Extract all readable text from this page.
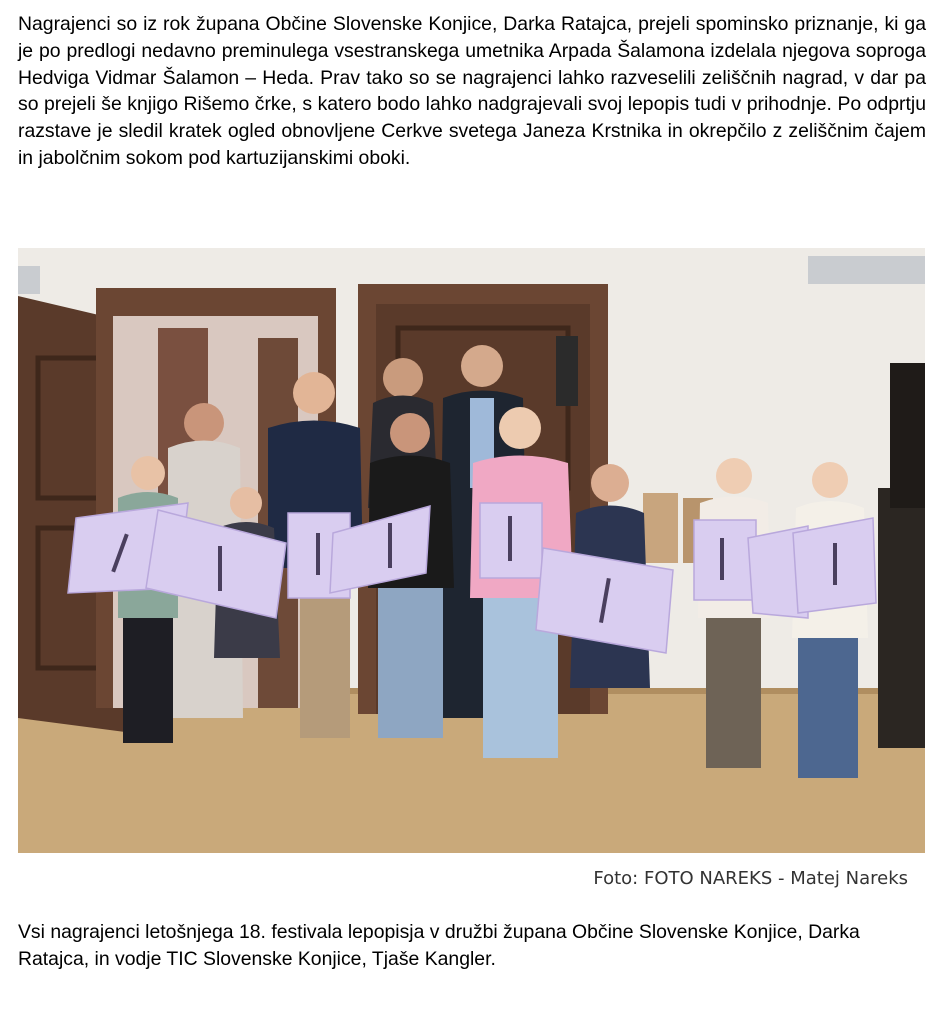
Nagrajenci so iz rok župana Občine Slovenske Konjice, Darka Ratajca, prejeli spominsko priznanje, ki ga je po predlogi nedavno preminulega vsestranskega umetnika Arpada Šalamona izdelala njegova soproga Hedviga Vidmar Šalamon – Heda. Prav tako so se nagrajenci lahko razveselili zeliščnih nagrad, v dar pa so prejeli še knjigo Rišemo črke, s katero bodo lahko nadgrajevali svoj lepopis tudi v prihodnje. Po odprtju razstave je sledil kratek ogled obnovljene Cerkve svetega Janeza Krstnika in okrepčilo z zeliščnim čajem in jabolčnim sokom pod kartuzijanskimi oboki.
Foto: FOTO NAREKS - Matej Nareks
Vsi nagrajenci letošnjega 18. festivala lepopisja v družbi župana Občine Slovenske Konjice, Darka Ratajca, in vodje TIC Slovenske Konjice, Tjaše Kangler.
